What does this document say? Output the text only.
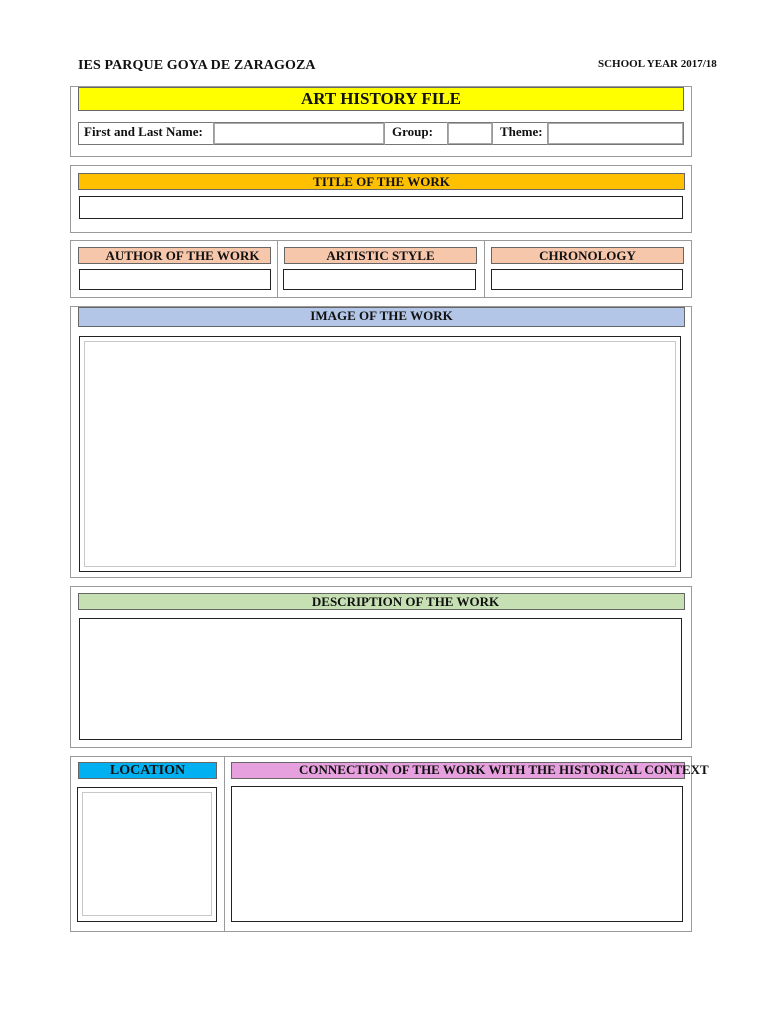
IES PARQUE GOYA DE ZARAGOZA	SCHOOL YEAR 2017/18
ART HISTORY FILE
First and Last Name:	Group:	Theme:
TITLE OF THE WORK
AUTHOR OF THE WORK	ARTISTIC STYLE	CHRONOLOGY
IMAGE OF THE WORK
DESCRIPTION OF THE WORK
LOCATION	CONNECTION OF THE WORK WITH THE HISTORICAL CONTEXT
